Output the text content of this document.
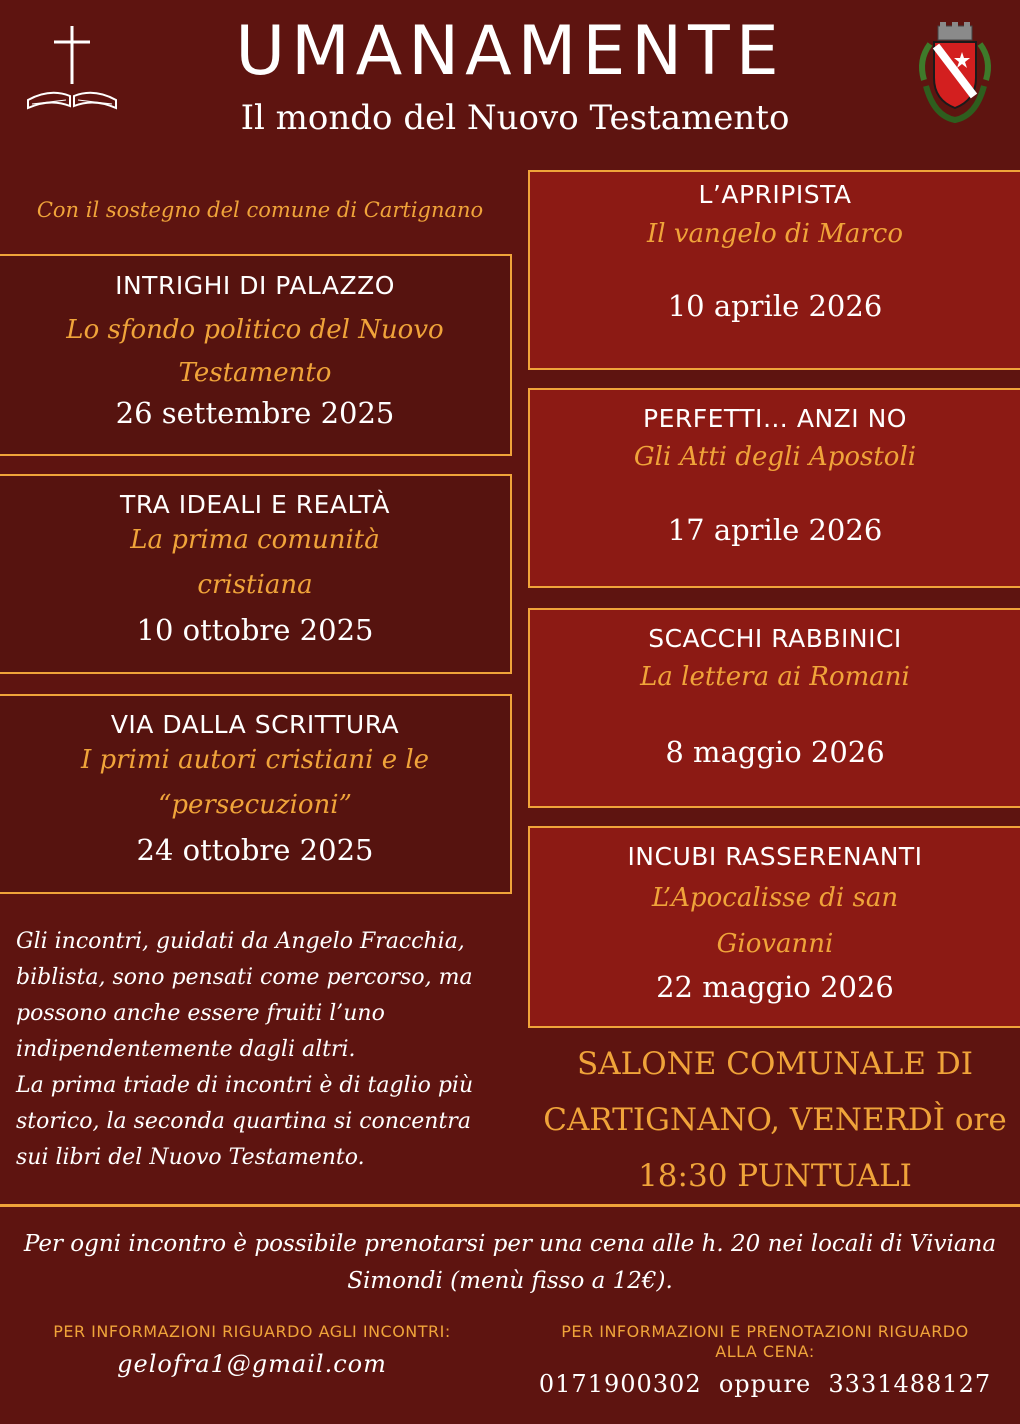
UMANAMENTE
Il mondo del Nuovo Testamento
Con il sostegno del comune di Cartignano
INTRIGHI DI PALAZZO
Lo sfondo politico del Nuovo
Testamento
26 settembre 2025
TRA IDEALI E REALTÀ
La prima comunità
cristiana
10 ottobre 2025
VIA DALLA SCRITTURA
I primi autori cristiani e le
“persecuzioni”
24 ottobre 2025
L’APRIPISTA
Il vangelo di Marco
10 aprile 2026
PERFETTI… ANZI NO
Gli Atti degli Apostoli
17 aprile 2026
SCACCHI RABBINICI
La lettera ai Romani
8 maggio 2026
INCUBI RASSERENANTI
L’Apocalisse di san
Giovanni
22 maggio 2026
Gli incontri, guidati da Angelo Fracchia,
biblista, sono pensati come percorso, ma
possono anche essere fruiti l’uno
indipendentemente dagli altri.
La prima triade di incontri è di taglio più
storico, la seconda quartina si concentra
sui libri del Nuovo Testamento.
SALONE COMUNALE DI
CARTIGNANO, VENERDÌ ore
18:30 PUNTUALI
Per ogni incontro è possibile prenotarsi per una cena alle h. 20 nei locali di Viviana
Simondi (menù fisso a 12€).
PER INFORMAZIONI RIGUARDO AGLI INCONTRI:
gelofra1@gmail.com
PER INFORMAZIONI E PRENOTAZIONI RIGUARDO
ALLA CENA:
0171900302  oppure  3331488127
